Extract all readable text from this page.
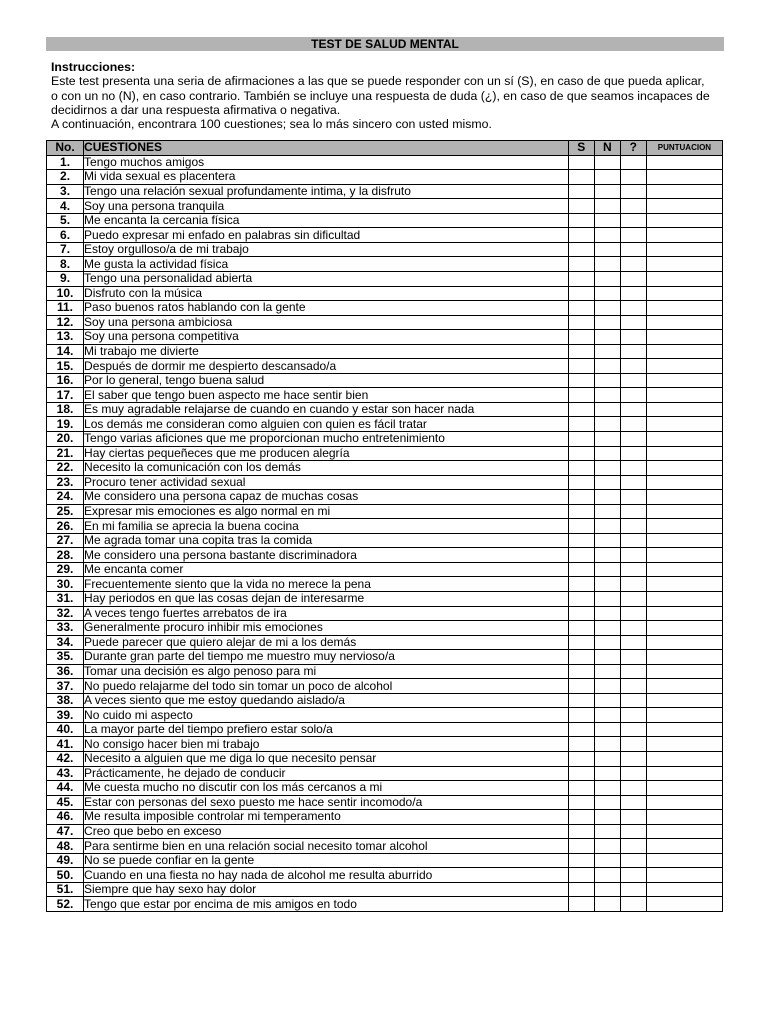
TEST DE SALUD MENTAL
Instrucciones:
Este test presenta una seria de afirmaciones a las que se puede responder con un sí (S), en caso de que pueda aplicar,
o con un no (N), en caso contrario. También se incluye una respuesta de duda (¿), en caso de que seamos incapaces de
decidirnos a dar una respuesta afirmativa o negativa.
A continuación, encontrara 100 cuestiones; sea lo más sincero con usted mismo.
No.	CUESTIONES	S	N	?	PUNTUACION
1.	Tengo muchos amigos				
2.	Mi vida sexual es placentera				
3.	Tengo una relación sexual profundamente intima, y la disfruto				
4.	Soy una persona tranquila				
5.	Me encanta la cercania física				
6.	Puedo expresar mi enfado en palabras sin dificultad				
7.	Estoy orgulloso/a de mi trabajo				
8.	Me gusta la actividad física				
9.	Tengo una personalidad abierta				
10.	Disfruto con la música				
11.	Paso buenos ratos hablando con la gente				
12.	Soy una persona ambiciosa				
13.	Soy una persona competitiva				
14.	Mi trabajo me divierte				
15.	Después de dormir me despierto descansado/a				
16.	Por lo general, tengo buena salud				
17.	El saber que tengo buen aspecto me hace sentir bien				
18.	Es muy agradable relajarse de cuando en cuando y estar son hacer nada				
19.	Los demás me consideran como alguien con quien es fácil tratar				
20.	Tengo varias aficiones que me proporcionan mucho entretenimiento				
21.	Hay ciertas pequeñeces que me producen alegría				
22.	Necesito la comunicación con los demás				
23.	Procuro tener actividad sexual				
24.	Me considero una persona capaz de muchas cosas				
25.	Expresar mis emociones es algo normal en mi				
26.	En mi familia se aprecia la buena cocina				
27.	Me agrada tomar una copita tras la comida				
28.	Me considero una persona bastante discriminadora				
29.	Me encanta comer				
30.	Frecuentemente siento que la vida no merece la pena				
31.	Hay periodos en que las cosas dejan de interesarme				
32.	A veces tengo fuertes arrebatos de ira				
33.	Generalmente procuro inhibir mis emociones				
34.	Puede parecer que quiero alejar de mi a los demás				
35.	Durante gran parte del tiempo me muestro muy nervioso/a				
36.	Tomar una decisión es algo penoso para mi				
37.	No puedo relajarme del todo sin tomar un poco de alcohol				
38.	A veces siento que me estoy quedando aislado/a				
39.	No cuido mi aspecto				
40.	La mayor parte del tiempo prefiero estar solo/a				
41.	No consigo hacer bien mi trabajo				
42.	Necesito a alguien que me diga lo que necesito pensar				
43.	Prácticamente, he dejado de conducir				
44.	Me cuesta mucho no discutir con los más cercanos a mi				
45.	Estar con personas del sexo puesto me hace sentir incomodo/a				
46.	Me resulta imposible controlar mi temperamento				
47.	Creo que bebo en exceso				
48.	Para sentirme bien en una relación social necesito tomar alcohol				
49.	No se puede confiar en la gente				
50.	Cuando en una fiesta no hay nada de alcohol me resulta aburrido				
51.	Siempre que hay sexo hay dolor				
52.	Tengo que estar por encima de mis amigos en todo				
